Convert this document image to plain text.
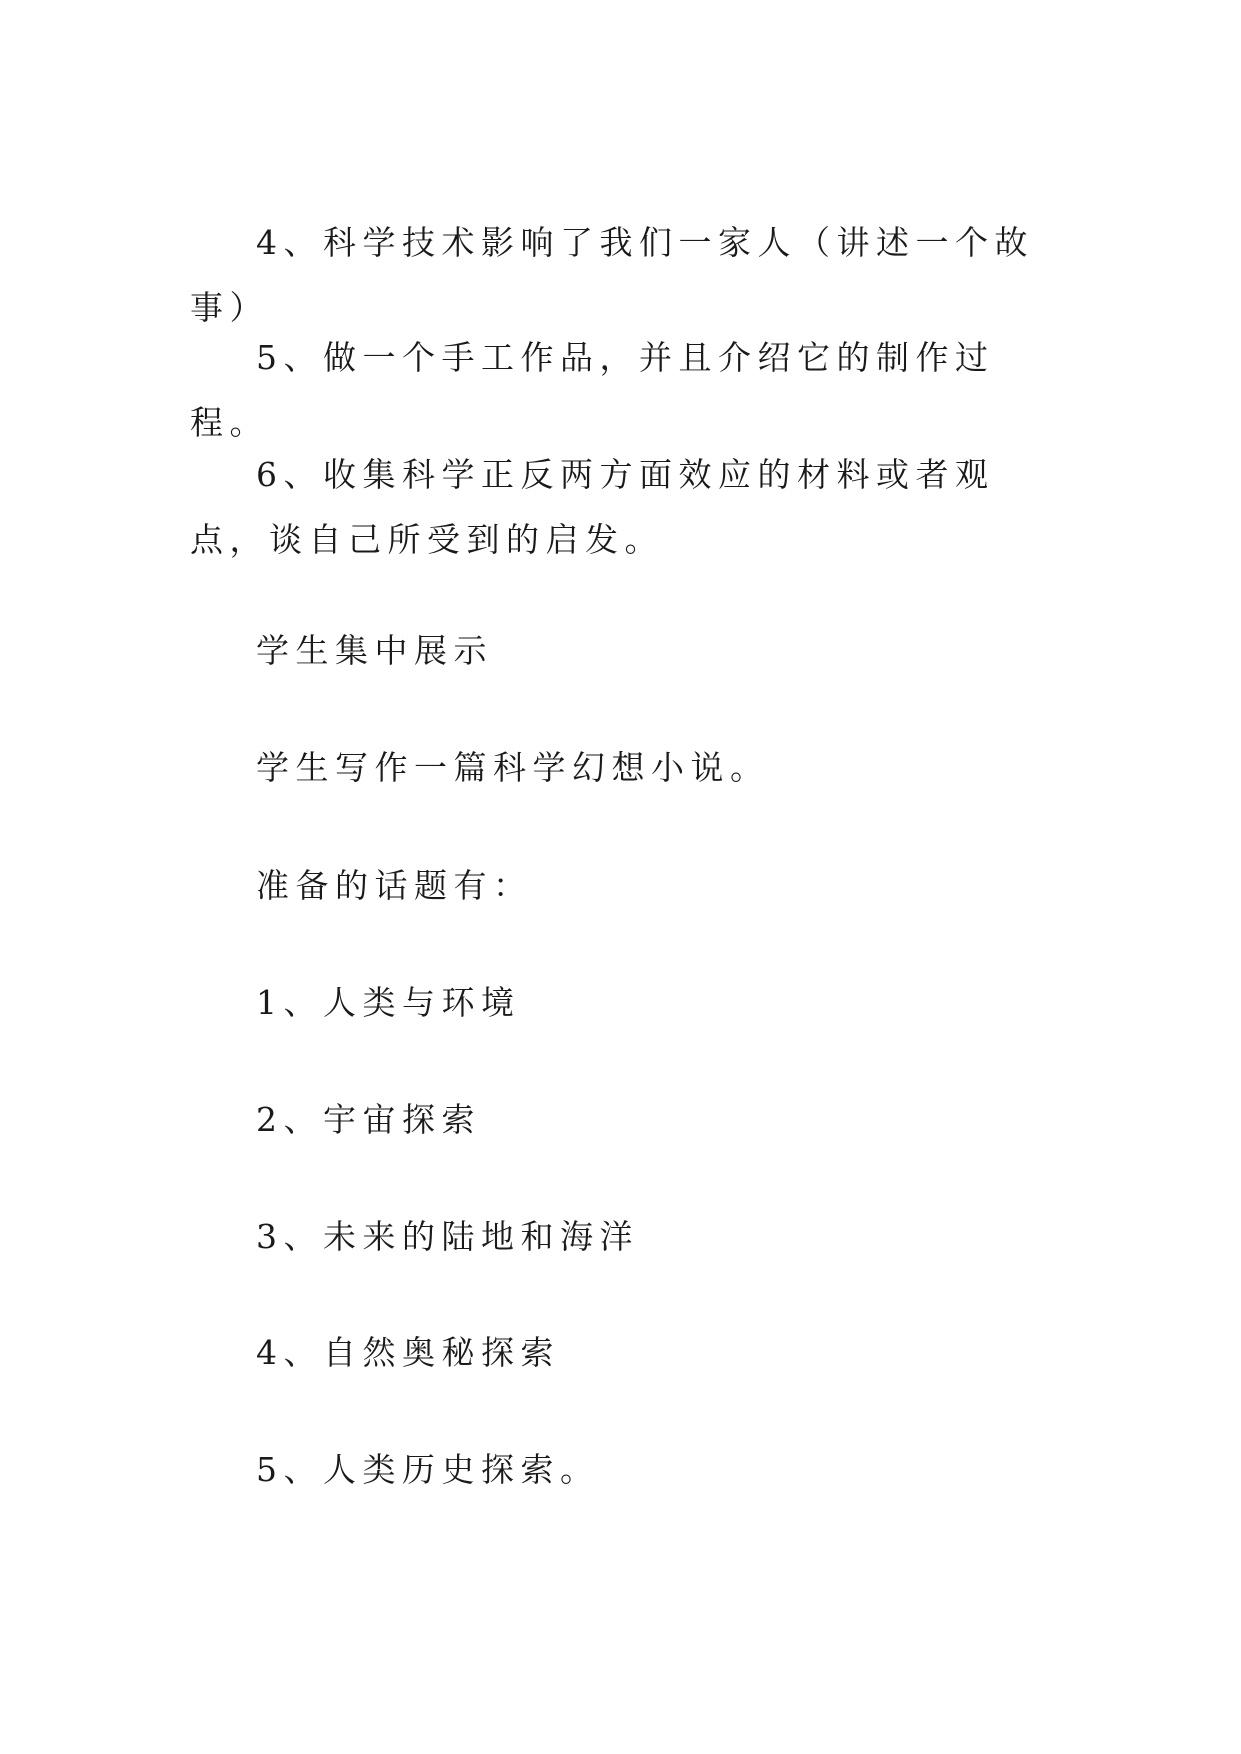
4、科学技术影响了我们一家人（讲述一个故事）

5、做一个手工作品，并且介绍它的制作过程。

6、收集科学正反两方面效应的材料或者观点，谈自己所受到的启发。

学生集中展示

学生写作一篇科学幻想小说。

准备的话题有：

1、人类与环境

2、宇宙探索

3、未来的陆地和海洋

4、自然奥秘探索

5、人类历史探索。
